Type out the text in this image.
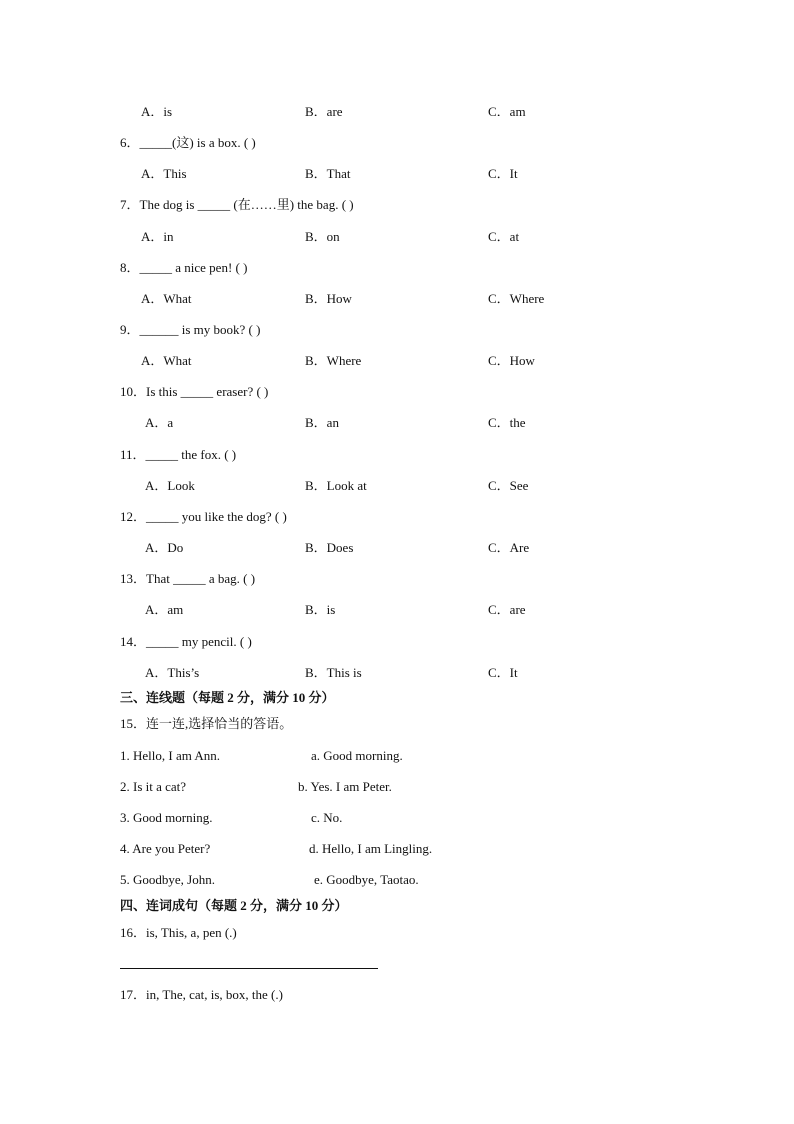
A．is	B．are	C．am
6．_____(这) is a box. ( )
A．This	B．That	C．It
7．The dog is _____ (在……里) the bag. ( )
A．in	B．on	C．at
8．_____ a nice pen! ( )
A．What	B．How	C．Where
9．______ is my book? ( )
A．What	B．Where	C．How
10．Is this _____ eraser? ( )
A．a	B．an	C．the
11．_____ the fox. ( )
A．Look	B．Look at	C．See
12．_____ you like the dog? ( )
A．Do	B．Does	C．Are
13．That _____ a bag. ( )
A．am	B．is	C．are
14．_____ my pencil. ( )
A．This’s	B．This is	C．It
三、连线题（每题 2 分，满分 10 分）
15．连一连,选择恰当的答语。
1. Hello, I am Ann.	a. Good morning.
2. Is it a cat?	b. Yes. I am Peter.
3. Good morning.	c. No.
4. Are you Peter?	d. Hello, I am Lingling.
5. Goodbye, John.	e. Goodbye, Taotao.
四、连词成句（每题 2 分，满分 10 分）
16．is, This, a, pen (.)
17．in, The, cat, is, box, the (.)
